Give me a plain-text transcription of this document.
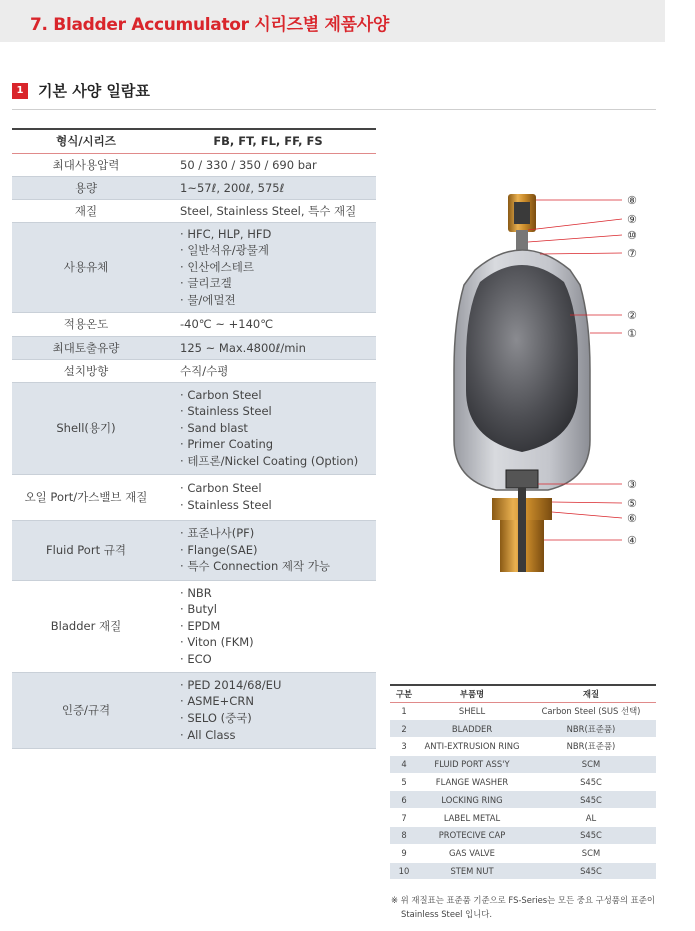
7. Bladder Accumulator 시리즈별 제품사양
1 기본 사양 일람표
형식/시리즈	FB, FT, FL, FF, FS
최대사용압력	50 / 330 / 350 / 690 bar
용량	1~57ℓ, 200ℓ, 575ℓ
재질	Steel, Stainless Steel, 특수 재질
사용유체	· HFC, HLP, HFD
· 일반석유/광물계
· 인산에스테르
· 글리코겔
· 물/에멀젼

적용온도	-40℃ ~ +140℃
최대토출유량	125 ~ Max.4800ℓ/min
설치방향	수직/수평
Shell(용기)	· Carbon Steel
· Stainless Steel
· Sand blast
· Primer Coating
· 테프론/Nickel Coating (Option)

오일 Port/가스밸브 재질	· Carbon Steel
· Stainless Steel

Fluid Port 규격	· 표준나사(PF)
· Flange(SAE)
· 특수 Connection 제작 가능

Bladder 재질	· NBR
· Butyl
· EPDM
· Viton (FKM)
· ECO

인증/규격	· PED 2014/68/EU
· ASME+CRN
· SELO (중국)
· All Class
⑧
⑨
⑩
⑦
②
①
③
⑤
⑥
④
구분	부품명	재질
1	SHELL	Carbon Steel (SUS 선택)
2	BLADDER	NBR(표준품)
3	ANTI-EXTRUSION RING	NBR(표준품)
4	FLUID PORT ASS'Y	SCM
5	FLANGE WASHER	S45C
6	LOCKING RING	S45C
7	LABEL METAL	AL
8	PROTECIVE CAP	S45C
9	GAS VALVE	SCM
10	STEM NUT	S45C
※ 위 재질표는 표준품 기준으로 FS-Series는 모든 중요 구성품의 표준이
Stainless Steel 입니다.
